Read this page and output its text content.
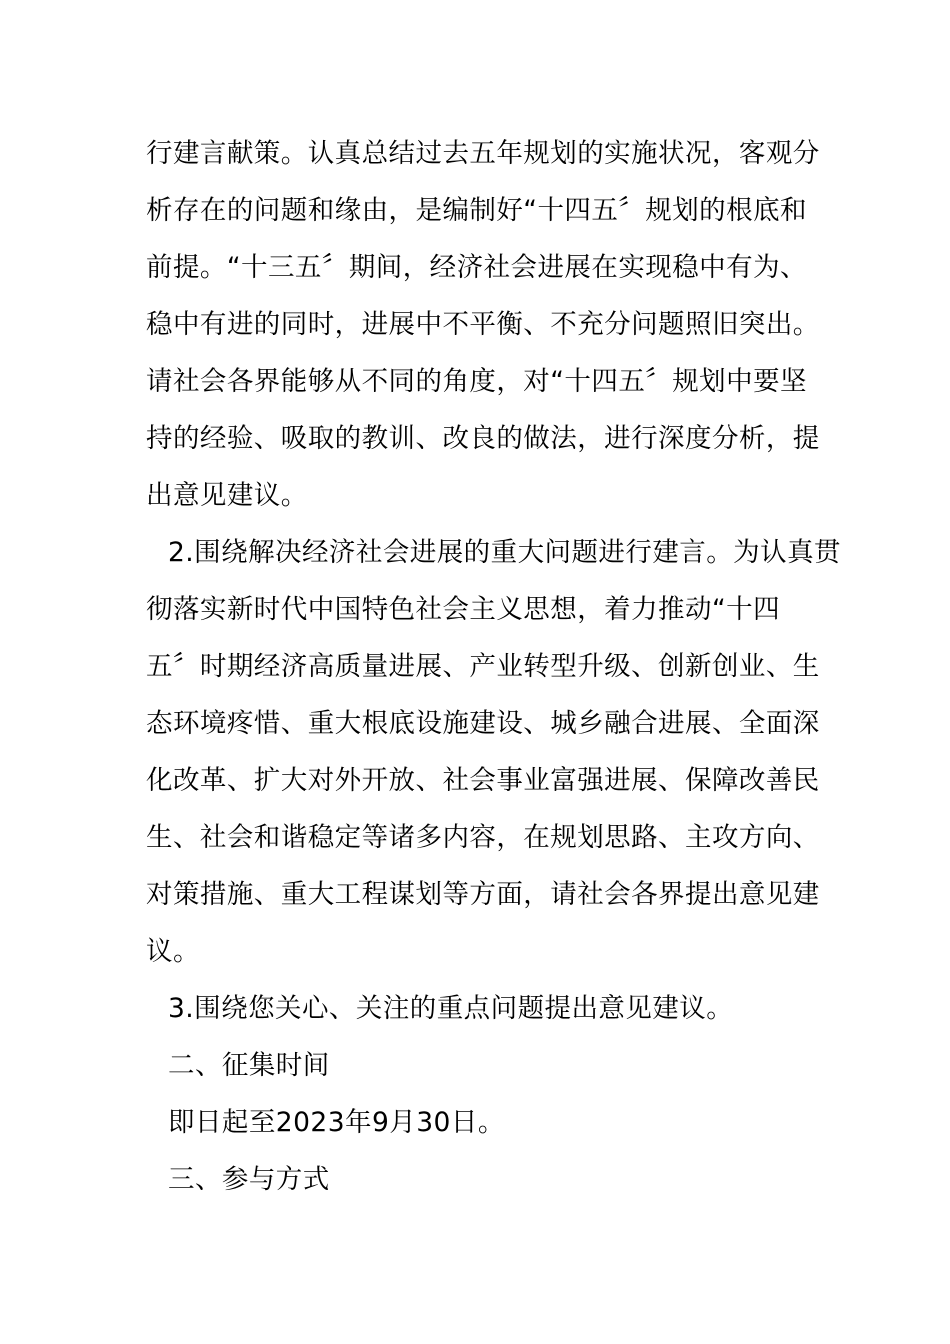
行建言献策。认真总结过去五年规划的实施状况，客观分
析存在的问题和缘由，是编制好“十四五〞规划的根底和
前提。“十三五〞期间，经济社会进展在实现稳中有为、
稳中有进的同时，进展中不平衡、不充分问题照旧突出。
请社会各界能够从不同的角度，对“十四五〞规划中要坚
持的经验、吸取的教训、改良的做法，进行深度分析，提
出意见建议。
2.围绕解决经济社会进展的重大问题进行建言。为认真贯
彻落实新时代中国特色社会主义思想，着力推动“十四
五〞时期经济高质量进展、产业转型升级、创新创业、生
态环境疼惜、重大根底设施建设、城乡融合进展、全面深
化改革、扩大对外开放、社会事业富强进展、保障改善民
生、社会和谐稳定等诸多内容，在规划思路、主攻方向、
对策措施、重大工程谋划等方面，请社会各界提出意见建
议。
3.围绕您关心、关注的重点问题提出意见建议。
二、征集时间
即日起至2023年9月30日。
三、参与方式
